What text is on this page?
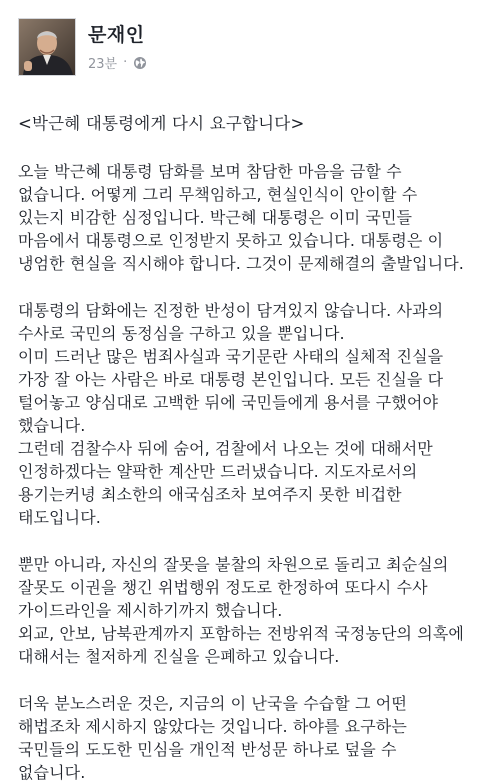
문재인
23분 ·
<박근혜 대통령에게 다시 요구합니다>
오늘 박근혜 대통령 담화를 보며 참담한 마음을 금할 수
없습니다. 어떻게 그리 무책임하고, 현실인식이 안이할 수
있는지 비감한 심정입니다. 박근혜 대통령은 이미 국민들
마음에서 대통령으로 인정받지 못하고 있습니다. 대통령은 이
냉엄한 현실을 직시해야 합니다. 그것이 문제해결의 출발입니다.
대통령의 담화에는 진정한 반성이 담겨있지 않습니다. 사과의
수사로 국민의 동정심을 구하고 있을 뿐입니다.
이미 드러난 많은 범죄사실과 국기문란 사태의 실체적 진실을
가장 잘 아는 사람은 바로 대통령 본인입니다. 모든 진실을 다
털어놓고 양심대로 고백한 뒤에 국민들에게 용서를 구했어야
했습니다.
그런데 검찰수사 뒤에 숨어, 검찰에서 나오는 것에 대해서만
인정하겠다는 얄팍한 계산만 드러냈습니다. 지도자로서의
용기는커녕 최소한의 애국심조차 보여주지 못한 비겁한
태도입니다.
뿐만 아니라, 자신의 잘못을 불찰의 차원으로 돌리고 최순실의
잘못도 이권을 챙긴 위법행위 정도로 한정하여 또다시 수사
가이드라인을 제시하기까지 했습니다.
외교, 안보, 남북관계까지 포함하는 전방위적 국정농단의 의혹에
대해서는 철저하게 진실을 은폐하고 있습니다.
더욱 분노스러운 것은, 지금의 이 난국을 수습할 그 어떤
해법조차 제시하지 않았다는 것입니다. 하야를 요구하는
국민들의 도도한 민심을 개인적 반성문 하나로 덮을 수
없습니다.
